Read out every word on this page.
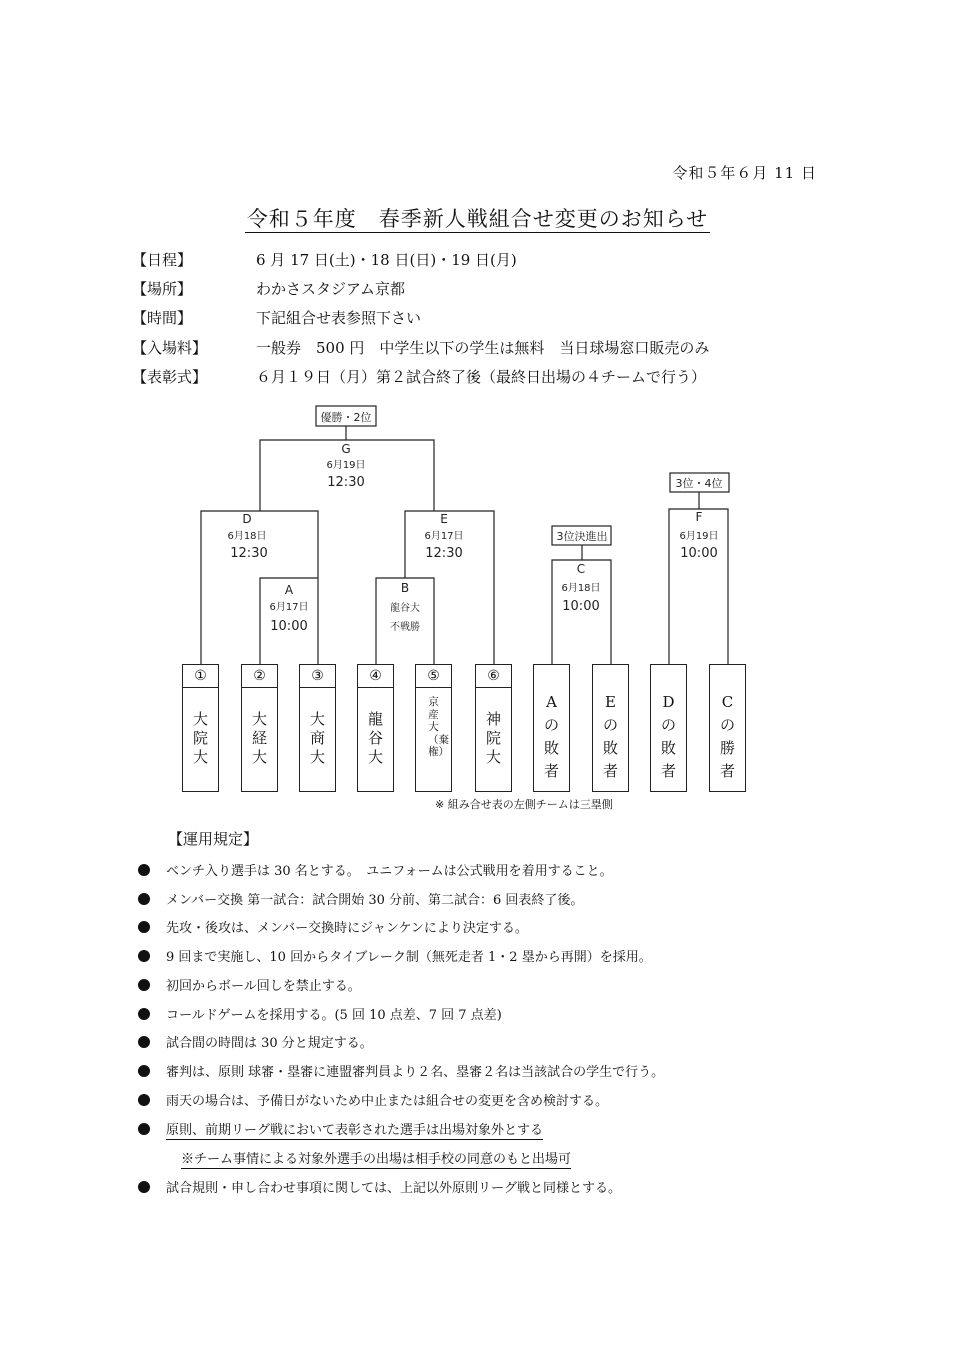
令和５年６月 11 日
令和５年度　春季新人戦組合せ変更のお知らせ
【日程】	6 月 17 日(土)・18 日(日)・19 日(月)
【場所】	わかさスタジアム京都
【時間】	下記組合せ表参照下さい
【入場料】	一般券　500 円　中学生以下の学生は無料　当日球場窓口販売のみ
【表彰式】	６月１９日（月）第２試合終了後（最終日出場の４チームで行う）
優勝・2位
3位決進出
3位・4位
G
6月19日
12:30
D
6月18日
12:30
E
6月17日
12:30
A
6月17日
10:00
B
龍谷大
不戦勝
C
6月18日
10:00
F
6月19日
10:00
①
大院大
②
大経大
③
大商大
④
龍谷大
⑤
京産大（棄権）
⑥
神院大
Aの敗者
Eの敗者
Dの敗者
Cの勝者
※ 組み合せ表の左側チームは三塁側
【運用規定】
ベンチ入り選手は 30 名とする。　ユニフォームは公式戦用を着用すること。
メンバー交換 第一試合：試合開始 30 分前、第二試合：6 回表終了後。
先攻・後攻は、メンバー交換時にジャンケンにより決定する。
9 回まで実施し、10 回からタイブレーク制（無死走者 1・2 塁から再開）を採用。
初回からボール回しを禁止する。
コールドゲームを採用する。(5 回 10 点差、7 回 7 点差)
試合間の時間は 30 分と規定する。
審判は、原則 球審・塁審に連盟審判員より２名、塁審２名は当該試合の学生で行う。
雨天の場合は、予備日がないため中止または組合せの変更を含め検討する。
原則、前期リーグ戦において表彰された選手は出場対象外とする
※チーム事情による対象外選手の出場は相手校の同意のもと出場可
試合規則・申し合わせ事項に関しては、上記以外原則リーグ戦と同様とする。
